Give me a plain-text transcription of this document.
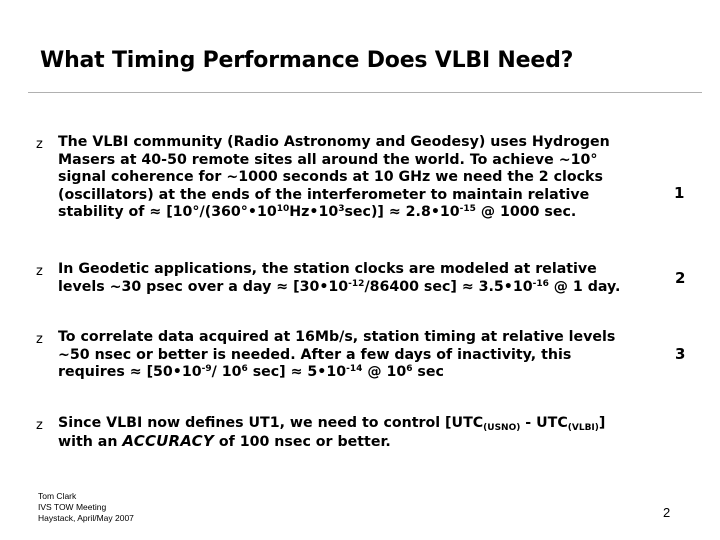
What Timing Performance Does VLBI Need?
z	The VLBI community (Radio Astronomy and Geodesy) uses Hydrogen
Masers at 40-50 remote sites all around the world. To achieve ~10°
signal coherence for ~1000 seconds at 10 GHz we need the 2 clocks
(oscillators) at the ends of the interferometer to maintain relative
stability of ≈ $[10^\circ/(360^\circ•10^{10}Hz•10^3\sec)]$ ≈ $2.8•10^{-15}$ @ 1000 sec.
1
z	In Geodetic applications, the station clocks are modeled at relative
levels ~30 psec over a day ≈ [$30•10^{-12}/86400$ $\sec] \approx 3.5•10^{-16}$ @ 1 day.	2
z	To correlate data acquired at 16Mb/s, station timing at relative levels
~50 nsec or better is needed. After a few days of inactivity, this
requires ≈ [$50•10^{-9}/$ $10^6$ $\sec] \approx 5•10^{-14}$ @ $10^6$ sec
3
z	Since VLBI now defines UT1, we need to control $[UTC_{(USNO)} - UTC_{(VLBI)}]$
with an ACCURACY of 100 nsec or better.
Tom Clark
IVS TOW Meeting
Haystack, April/May 2007	2
